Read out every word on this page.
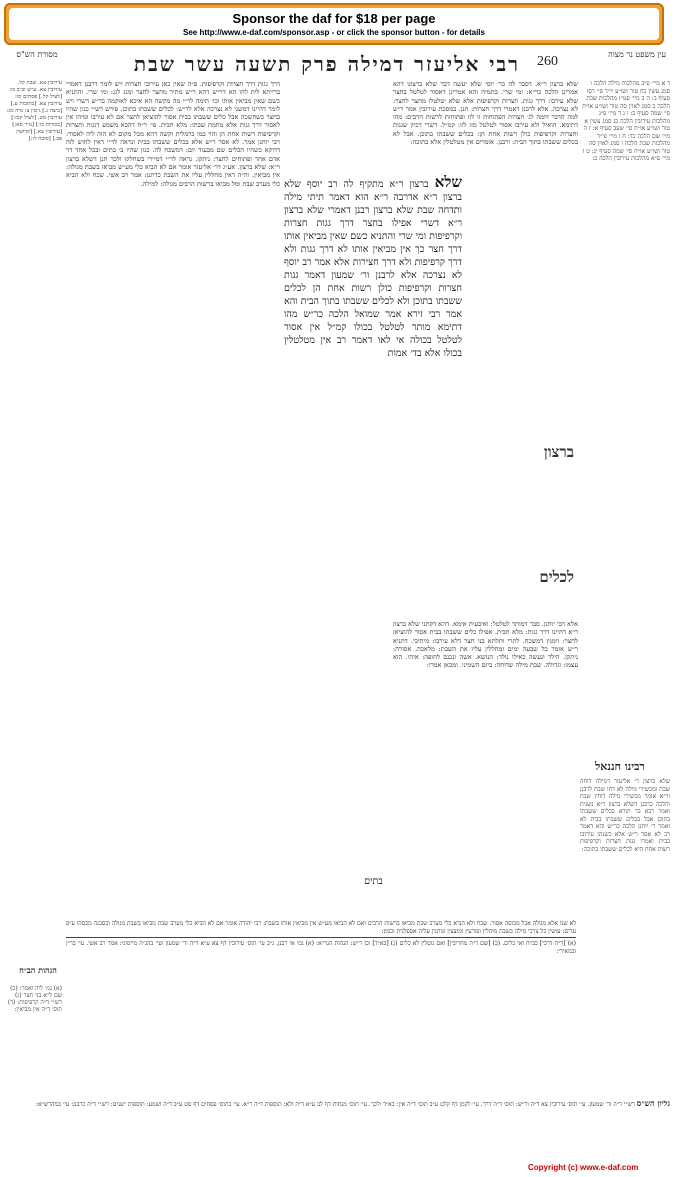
Sponsor the daf for $18 per page
See http://www.e-daf.com/sponsor.asp - or click the sponsor button - for details
עין משפט נר מצוה
260
רבי אליעזר דמילה פרק תשעה עשר שבת
מסורת הש"ס
ד א מיי׳ פ״ב מהלכות מילה הלכה ו סמג עשין כח טור ושו״ע יו״ד סי׳ רסו סעיף ב: ה ב מיי׳ פט״ז מהלכות שבת הלכה ב סמג לאוין סה טור ושו״ע או״ח סי׳ שמה סעיף ב: ו ג ד מיי׳ פ״ג מהלכות עירובין הלכה כג סמג עשין א טור ושו״ע או״ח סי׳ שעב סעיף א: ז ה מיי׳ שם הלכה כד: ח ו מיי׳ פי״ד מהלכות שבת הלכה ו סמג לאוין סה טור ושו״ע או״ח סי׳ שמה סעיף יג: ט ז מיי׳ פ״א מהלכות עירובין הלכה כ:
שלא ברצון ר״א. דסבר לה כר׳ יוסי שלא יעשה דבר שלא ברצונו דהא אמרינן הלכה כר״א: ומי שרי. בתמיה והא אמרינן דאסור לטלטל בחצר שלא עירבו: דרך גגות. חצרות וקרפיפות אלא שלא יטלטלו מחצר לחצר: לא נצרכה. אלא לרבנן דאמרי דרך חצרות: תנן. במסכת עירובין אמר ר״ש למה הדבר דומה לג׳ חצרות הפתוחות זו לזו ופתוחות לרשות הרבים: מהו דתימא. הואיל ולא עירבו אסור לטלטל מזו לזו: קמ״ל. דשרי דכיון שגגות וחצרות וקרפיפות כולן רשות אחת הן: בכלים ששבתו בתוכן. אבל לא בכלים ששבתו בתוך הבית: ורבנן. אומרים אין מטלטלין אלא בתוכה:
דרך גגות דרך חצרות וקרפיפות. פ״ה שאין כאן עירובי חצרות ויש לומר דרבנן דאמרי ברייתא לית להו הא דר״ש דהא ר״ש מתיר מחצר לחצר ומגג לגג: ומי שרי. והתניא כשם שאין מביאין אותו וכו׳ תימה לר״י מה מקשה הא איכא לאוקמה כר״ש דשרי ויש לומר דהיינו דמשני לא נצרכה אלא לר״ש: לכלים ששבתו בתוכן. פירש רש״י כגון שהיו בחצר כשחשכה אבל כלים ששבתו בבית אסור להוציאן לחצר אם לא עירבו ומיהו אין לאסור דרך גגות אלא מחמת שבתו: מלא חבית. פי׳ ר״ח דהכא משמע דגגות וחצרות וקרפיפות רשות אחת הן והוי כמו כרמלית וקשה דהא מכל מקום לא הוה ליה לאסור: רבי יוחנן אמר. לא אסר ר״ש אלא בכלים ששבתו בבית ונראה לר״י דאין לחוש לזה דדוקא כשהיו הכלים שם מבעוד יום: דמשכח לה. כגון שהיו ב׳ בתים ובכל אחד דר אדם אחד ופתוחים לחצר: ניתקן. נראה לר״י דמיירי בשחלקו ולכך תנן דשלא ברצון ר״א: שלא ברצון. אע״ג דר׳ אליעזר אומר אם לא הביא כלי מע״ש מביאו בשבת מגולה: אין מביאין. וה״ה דאין מחללין עליו את השבת כדתנן: אמר רב אשי. שכח ולא הביא כלי מערב שבת ומל מביאו ברשות הרבים מגולה: למילה.
עירובין צא. שבת קל. עירובין צא. ע״ש וב״ב כו: [לעיל קל.] פסחים סו: עירובין צא. [כתובות ע.] [ביצה ג.] גיטין צ: נדה מג: עירובין מט. [לעיל קכז:] [בכורות כו:] [נזיר סא:] [עירובין צא.] [קדושין פב.] [סוכה לו:]
שלא ברצון ר״א מתקיף לה רב יוסף שלא ברצון ר״א אדרבה ר״א הוא דאמר תיתי מילה ותדחה שבת שלא ברצון רבנן דאמרי שלא ברצון ר״א דשרי אפילו בחצר דרך גגות חצרות וקרפיפות ומי שרי והתניא כשם שאין מביאין אותו דרך חצר כך אין מביאין אותו לא דרך גגות ולא דרך קרפיפות ולא דרך חצירות אלא אמר רב יוסף לא נצרכה אלא לרבנן ור׳ שמעון דאמר גגות חצרות וקרפיפות כולן רשות אחת הן לכלים ששבתו בתוכן ולא לכלים ששבתו בתוך הבית והא אמר רבי זירא אמר שמואל הלכה כר״ש מהו דתימא מותר לטלטל בכולו קמ״ל אין אסור לטלטל בכולה אי לאו דאמר רב אין מטלטלין בכולו אלא בד׳ אמות
בתים
ברצון
לכלים
אלא רבי יוחנן. סבר דמותר לטלטל: ואיבעית אימא. דהא דקתני שלא ברצון ר״א דהיינו דרך גגות: מלא חבית. אפילו כלים ששבתו בבית אסור להוציאן לחצר: זימנין דמשכח. לתרי ותלתא בני חצר דלא עירבו: מיתיבי. דתניא ר״ש אומר כל שבעה ימים ומחללין עליו את השבת: מלאכה. אסורה: ניתקן. הילד ונעשה כאילו נולד: הנושא. אשה ונכנס לחופה: איהו. הוא עצמו: וגדולה. שבת מילה שדוחה: ביום השמיני. ומכאן אמרו:
רבינו חננאל
שלא ברצון ר׳ אליעזר דמילה דוחה שבת ומכשירי מילה לא דחו שבת לרבנן ור״א אומר מכשירי מילה דוחין שבת והלכה כרבנן דשלא ברצון ר״א נשנית ואמר רבא בר תורא בכלים ששבתו בתוכן אבל בכלים ששבתו בבית לא ואמר ר׳ יוחנן הלכה כר״ש והא דאמר רב לא אסר ר״ש אלא כשנתן עירובו בבית ואמרו גגות חצרות וקרפיפות רשות אחת היא לכלים ששבתו בתוכה:
הגהות הב״ח
(א) גמ׳ ליה ואמר: (ב) שם ל״א בני חצר (ג) רש״י ד״ה קרפיפות: (ד) תוס׳ ד״ה אין מביאין:
לא שנו אלא מגולה אבל מכוסה אסור. שכח ולא הביא כלי מערב שבת מביאו ברשות הרבים ואם לא הביאו מע״ש אין מביאין אותו בשבת: רבי יהודה אומר אם לא הביא כלי מערב שבת מביאו בשבת מגולה ובסכנה מכסהו ע״פ עדים: עושין כל צרכי מילה בשבת מוהלין ופורעין ומוצצין ונותנין עליה אספלנית וכמון:
(א) [ד״ה דרכי] כב״ח ואי כלים. (ב) [שם ד״ה מחריבין] ואם נוטלין לא כלים (ג) [בא״ד] וכן ר״ש: הגהות הגר״א: (א) גמ׳ אי רבנן. נ״ב עי׳ תוס׳ עירובין דף צא ע״א ד״ה ור׳ שמעון ועי׳ בהג״ה מיימוני: אמר רב אשי. עי׳ בר״ן ובמאירי:
גליון הש״ס רש״י ד״ה ור׳ שמעון. עי׳ תוס׳ עירובין צא ד״ה ור״ש: תוס׳ ד״ה דרך. עי׳ לקמן דף קלט ע״ב תוס׳ ד״ה אין: בא״ד ולכך. עי׳ תוס׳ מנחות דף לב ע״א ד״ה ולא: תוספות ד״ה ר״א. עי׳ בתוס׳ פסחים דף סט ע״ב ד״ה ושמע: תוספות ישנים: רש״י ד״ה כרבנן: עי׳ במהרש״א:
Copyright (c) www.e-daf.com
